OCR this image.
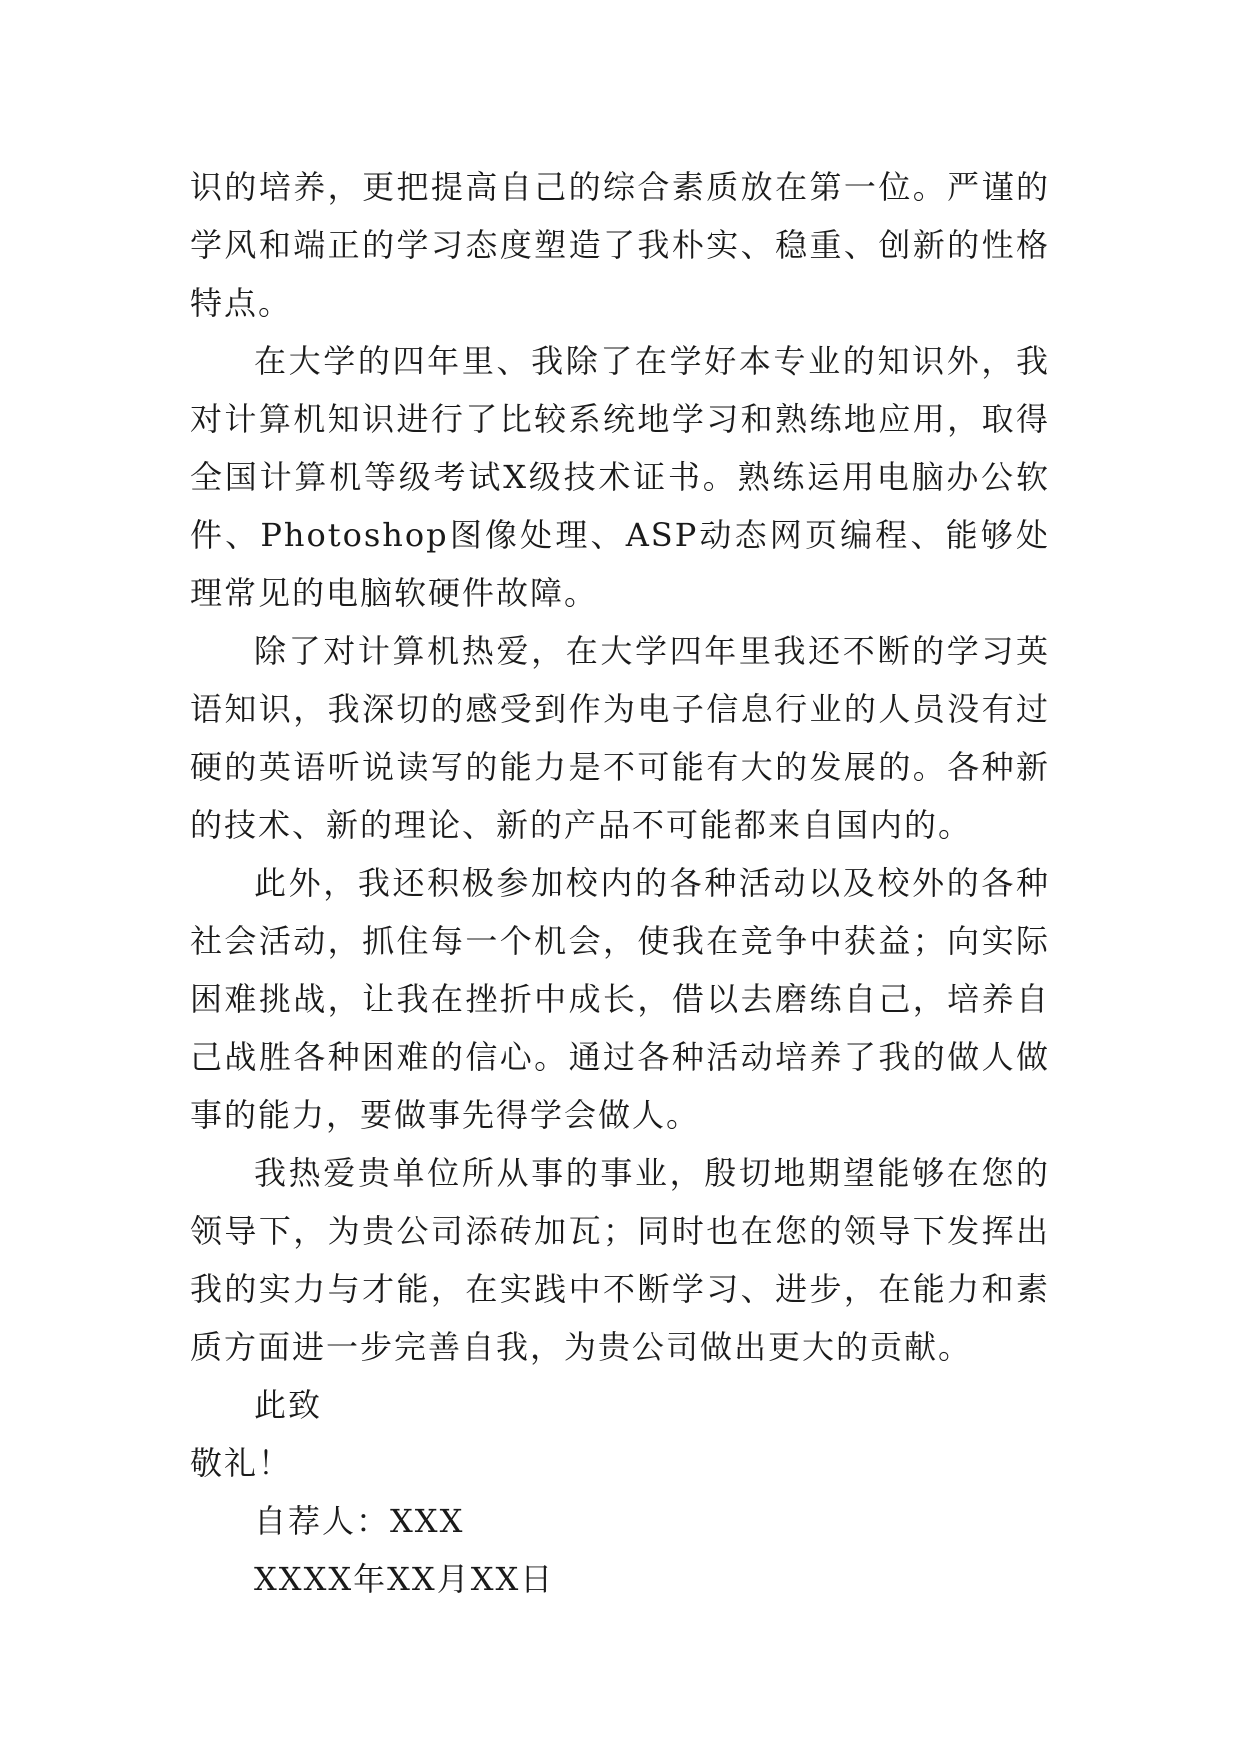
识的培养，更把提高自己的综合素质放在第一位。严谨的学风和端正的学习态度塑造了我朴实、稳重、创新的性格特点。

在大学的四年里、我除了在学好本专业的知识外，我对计算机知识进行了比较系统地学习和熟练地应用，取得全国计算机等级考试X级技术证书。熟练运用电脑办公软件、Photoshop图像处理、ASP动态网页编程、能够处理常见的电脑软硬件故障。

除了对计算机热爱，在大学四年里我还不断的学习英语知识，我深切的感受到作为电子信息行业的人员没有过硬的英语听说读写的能力是不可能有大的发展的。各种新的技术、新的理论、新的产品不可能都来自国内的。

此外，我还积极参加校内的各种活动以及校外的各种社会活动，抓住每一个机会，使我在竞争中获益；向实际困难挑战，让我在挫折中成长，借以去磨练自己，培养自己战胜各种困难的信心。通过各种活动培养了我的做人做事的能力，要做事先得学会做人。

我热爱贵单位所从事的事业，殷切地期望能够在您的领导下，为贵公司添砖加瓦；同时也在您的领导下发挥出我的实力与才能，在实践中不断学习、进步，在能力和素质方面进一步完善自我，为贵公司做出更大的贡献。

此致

敬礼！

自荐人：XXX

XXXX年XX月XX日
